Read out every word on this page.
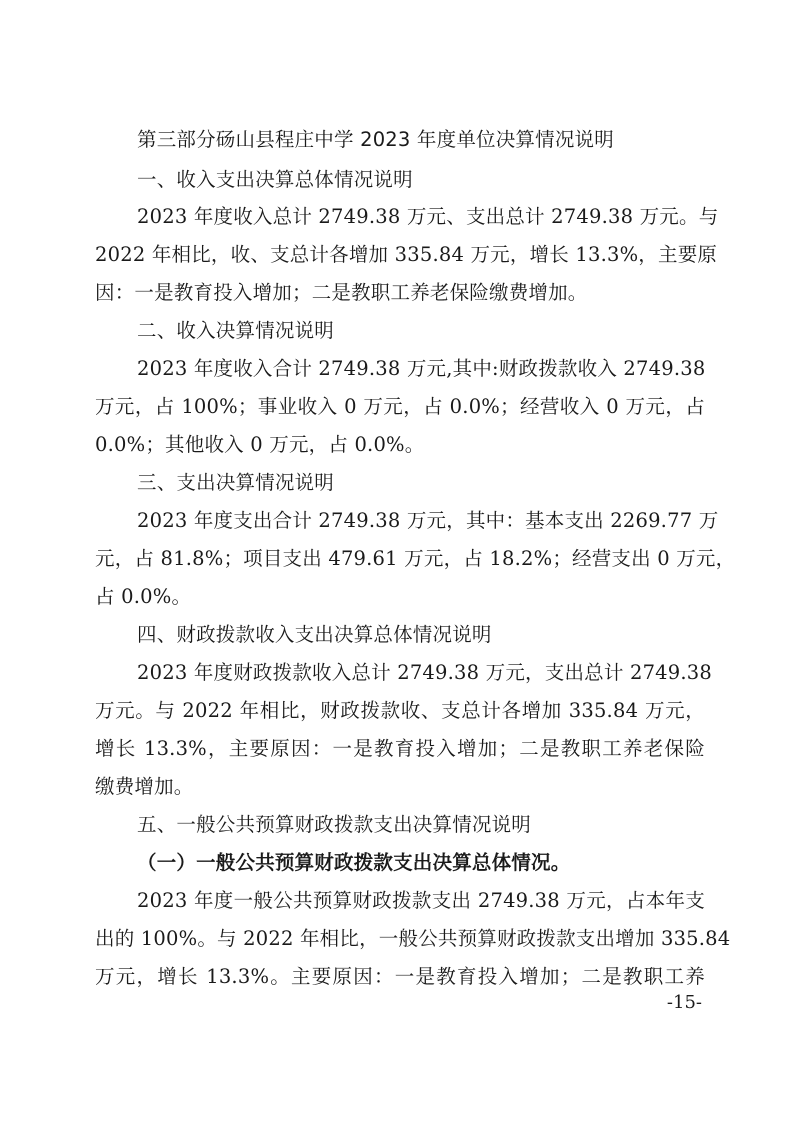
第三部分砀山县程庄中学 2023 年度单位决算情况说明
一、收入支出决算总体情况说明
2023 年度收入总计 2749.38 万元、支出总计 2749.38 万元。与
2022 年相比，收、支总计各增加 335.84 万元，增长 13.3%，主要原
因：一是教育投入增加；二是教职工养老保险缴费增加。
二、收入决算情况说明
2023 年度收入合计 2749.38 万元,其中:财政拨款收入 2749.38
万元，占 100%；事业收入 0 万元，占 0.0%；经营收入 0 万元，占
0.0%；其他收入 0 万元，占 0.0%。
三、支出决算情况说明
2023 年度支出合计 2749.38 万元，其中：基本支出 2269.77 万
元，占 81.8%；项目支出 479.61 万元，占 18.2%；经营支出 0 万元，
占 0.0%。
四、财政拨款收入支出决算总体情况说明
2023 年度财政拨款收入总计 2749.38 万元，支出总计 2749.38
万元。与 2022 年相比，财政拨款收、支总计各增加 335.84 万元，
增长 13.3%，主要原因：一是教育投入增加；二是教职工养老保险
缴费增加。
五、一般公共预算财政拨款支出决算情况说明
（一）一般公共预算财政拨款支出决算总体情况。
2023 年度一般公共预算财政拨款支出 2749.38 万元，占本年支
出的 100%。与 2022 年相比，一般公共预算财政拨款支出增加 335.84
万元，增长 13.3%。主要原因：一是教育投入增加；二是教职工养
-15-
